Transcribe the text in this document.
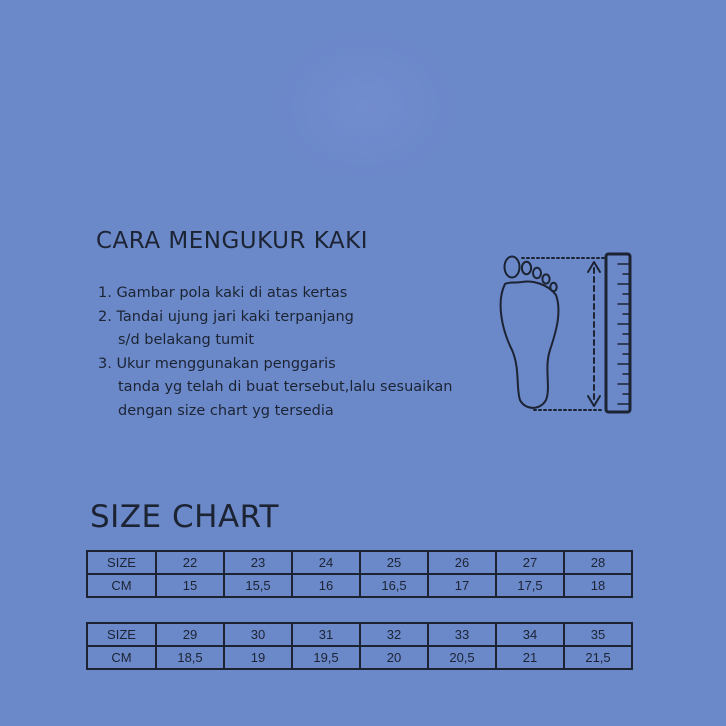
CARA MENGUKUR KAKI
1. Gambar pola kaki di atas kertas
2. Tandai ujung jari kaki terpanjang
s/d belakang tumit
3. Ukur menggunakan penggaris
tanda yg telah di buat tersebut,lalu sesuaikan
dengan size chart yg tersedia
SIZE CHART
SIZE	22	23	24	25	26	27	28
CM	15	15,5	16	16,5	17	17,5	18
SIZE	29	30	31	32	33	34	35
CM	18,5	19	19,5	20	20,5	21	21,5
